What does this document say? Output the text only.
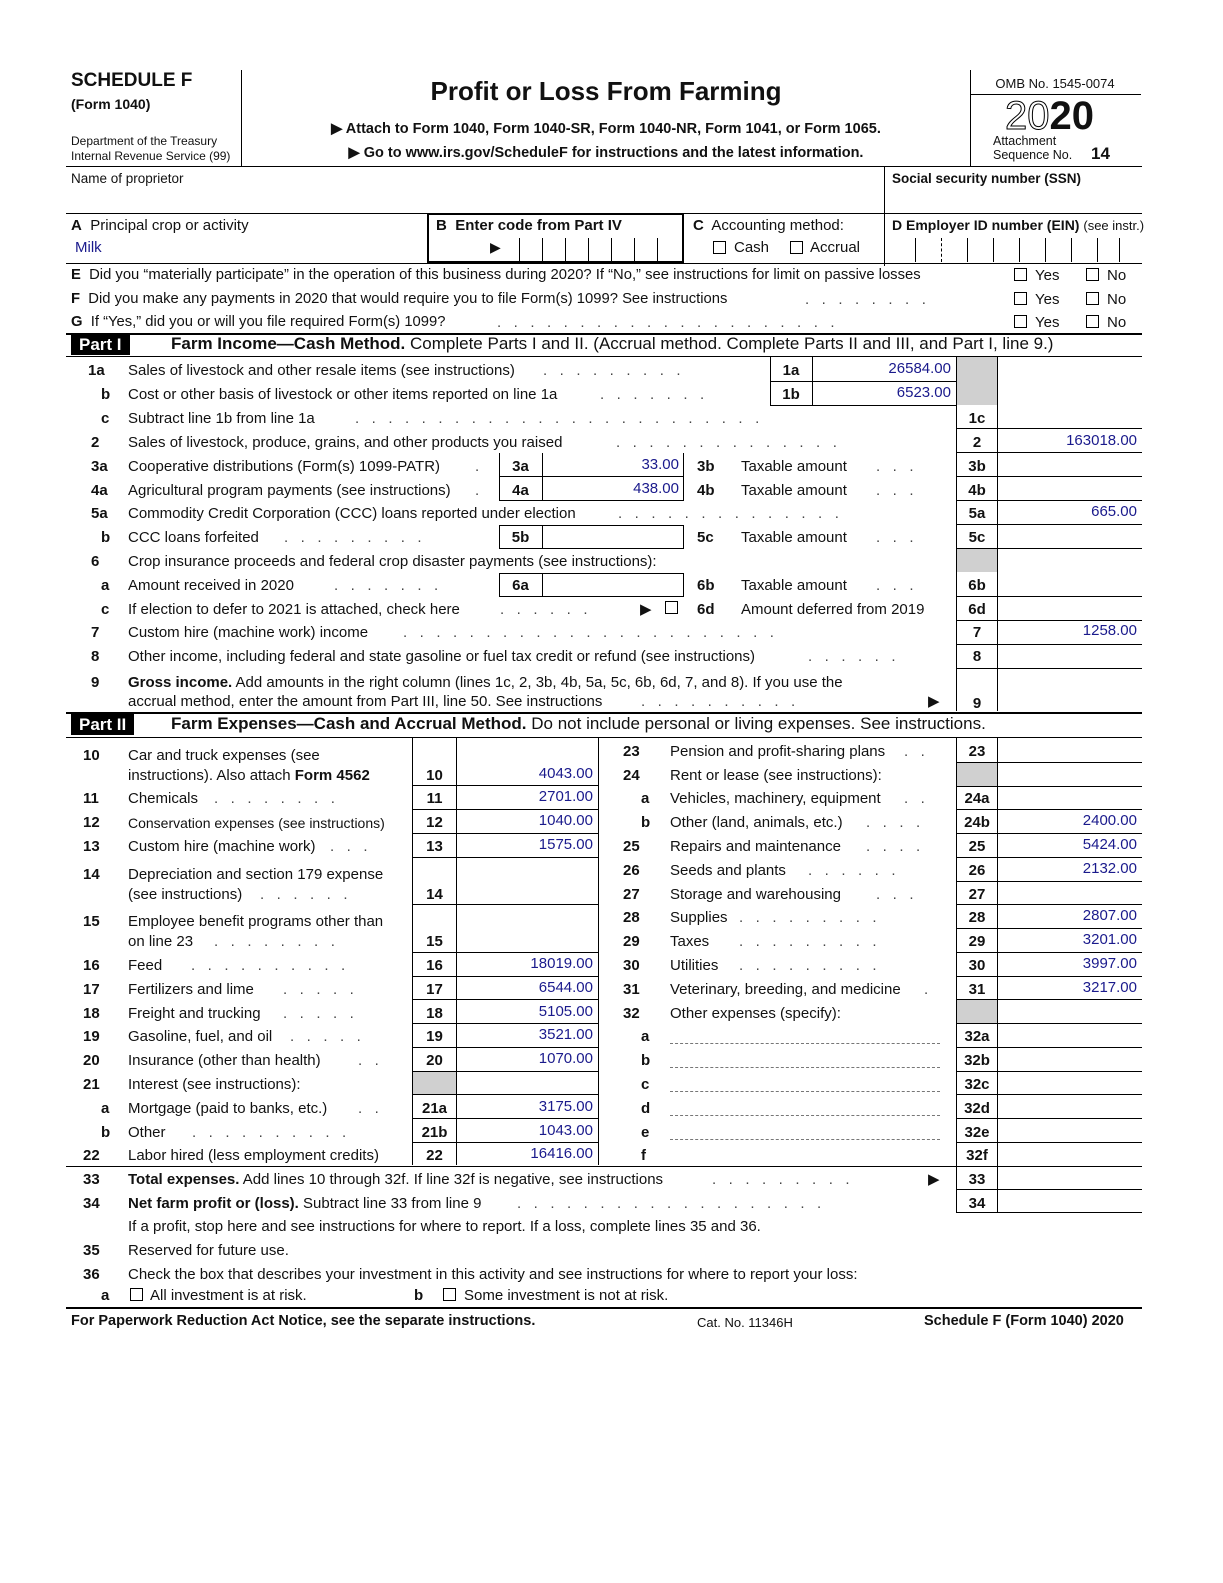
SCHEDULE F
(Form 1040)
Department of the Treasury
Internal Revenue Service (99)
Profit or Loss From Farming
▶ Attach to Form 1040, Form 1040-SR, Form 1040-NR, Form 1041, or Form 1065.
▶ Go to www.irs.gov/ScheduleF for instructions and the latest information.
OMB No. 1545-0074
2020
Attachment
Sequence No. 14
Name of proprietor	Social security number (SSN)
A Principal crop or activity
Milk
B Enter code from Part IV
▶
C Accounting method:
Cash	Accrual
D Employer ID number (EIN) (see instr.)
E Did you “materially participate” in the operation of this business during 2020? If “No,” see instructions for limit on passive losses	Yes	No
F Did you make any payments in 2020 that would require you to file Form(s) 1099? See instructions	.   .   .   .   .   .   .   .	Yes	No
G If “Yes,” did you or will you file required Form(s) 1099?	.   .   .   .   .   .   .   .   .   .   .   .   .   .   .   .   .   .   .   .   .	Yes	No
Part I	Farm Income—Cash Method. Complete Parts I and II. (Accrual method. Complete Parts II and III, and Part I, line 9.)
1a Sales of livestock and other resale items (see instructions) .   .   .   .   .   .   .   .   .	1a	26584.00
b Cost or other basis of livestock or other items reported on line 1a	.   .   .   .   .   .   .	1b	6523.00
c Subtract line 1b from line 1a	.   .   .   .   .   .   .   .   .   .   .   .   .   .   .   .   .   .   .   .   .   .   .   .   .	1c
2 Sales of livestock, produce, grains, and other products you raised	.   .   .   .   .   .   .   .   .   .   .   .   .   .	2	163018.00
3a Cooperative distributions (Form(s) 1099-PATR) .	3a	33.00 3b Taxable amount .   .   .	3b
4a Agricultural program payments (see instructions) .	4a	438.00 4b Taxable amount .   .   .	4b
5a Commodity Credit Corporation (CCC) loans reported under election	.   .   .   .   .   .   .   .   .   .   .   .   .   .	5a	665.00
b CCC loans forfeited .   .   .   .   .   .   .   .   .	5b	5c Taxable amount .   .   .	5c
6 Crop insurance proceeds and federal crop disaster payments (see instructions):
a Amount received in 2020	.   .   .   .   .   .   .	6a	6b Taxable amount .   .   .	6b
c If election to defer to 2021 is attached, check here	.   .   .   .   .   .	▶	6d Amount deferred from 2019	6d
7 Custom hire (machine work) income .   .   .   .   .   .   .   .   .   .   .   .   .   .   .   .   .   .   .   .   .   .   .	7	1258.00
8 Other income, including federal and state gasoline or fuel tax credit or refund (see instructions)	.   .   .   .   .   .	8
9 Gross income. Add amounts in the right column (lines 1c, 2, 3b, 4b, 5a, 5c, 6b, 6d, 7, and 8). If you use the
accrual method, enter the amount from Part III, line 50. See instructions	.   .   .   .   .   .   .   .   .   .	▶	9
Part II	Farm Expenses—Cash and Accrual Method. Do not include personal or living expenses. See instructions.
10 Car and truck expenses (see
instructions). Also attach Form 4562	10	4043.00
11 Chemicals .   .   .   .   .   .   .   .	11	2701.00
12 Conservation expenses (see instructions)	12	1040.00
13 Custom hire (machine work) .   .   .	13	1575.00
14 Depreciation and section 179 expense
(see instructions) .   .   .   .   .   .	14
15 Employee benefit programs other than
on line 23 .   .   .   .   .   .   .   .	15
16 Feed .   .   .   .   .   .   .   .   .   .	16	18019.00
17 Fertilizers and lime .   .   .   .   .	17	6544.00
18 Freight and trucking .   .   .   .   .	18	5105.00
19 Gasoline, fuel, and oil .   .   .   .   .	19	3521.00
20 Insurance (other than health) .   .	20	1070.00
21 Interest (see instructions):
a Mortgage (paid to banks, etc.) .   .	21a	3175.00
b Other .   .   .   .   .   .   .   .   .   .	21b	1043.00
22 Labor hired (less employment credits)	22	16416.00
23 Pension and profit-sharing plans .   .	23
24 Rent or lease (see instructions):
a Vehicles, machinery, equipment .   .	24a
b Other (land, animals, etc.) .   .   .   .	24b	2400.00
25 Repairs and maintenance .   .   .   .	25	5424.00
26 Seeds and plants .   .   .   .   .   .	26	2132.00
27 Storage and warehousing .   .   .	27
28 Supplies .   .   .   .   .   .   .   .   .	28	2807.00
29 Taxes .   .   .   .   .   .   .   .   .	29	3201.00
30 Utilities .   .   .   .   .   .   .   .   .	30	3997.00
31 Veterinary, breeding, and medicine .	31	3217.00
32 Other expenses (specify):
a	32a
b	32b
c	32c
d	32d
e	32e
f	32f
33 Total expenses. Add lines 10 through 32f. If line 32f is negative, see instructions	.   .   .   .   .   .   .   .   .	▶	33
34 Net farm profit or (loss). Subtract line 33 from line 9 .   .   .   .   .   .   .   .   .   .   .   .   .   .   .   .   .   .   .	34
If a profit, stop here and see instructions for where to report. If a loss, complete lines 35 and 36.
35 Reserved for future use.
36 Check the box that describes your investment in this activity and see instructions for where to report your loss:
a	All investment is at risk.	b	Some investment is not at risk.
For Paperwork Reduction Act Notice, see the separate instructions.	Cat. No. 11346H	Schedule F (Form 1040) 2020
